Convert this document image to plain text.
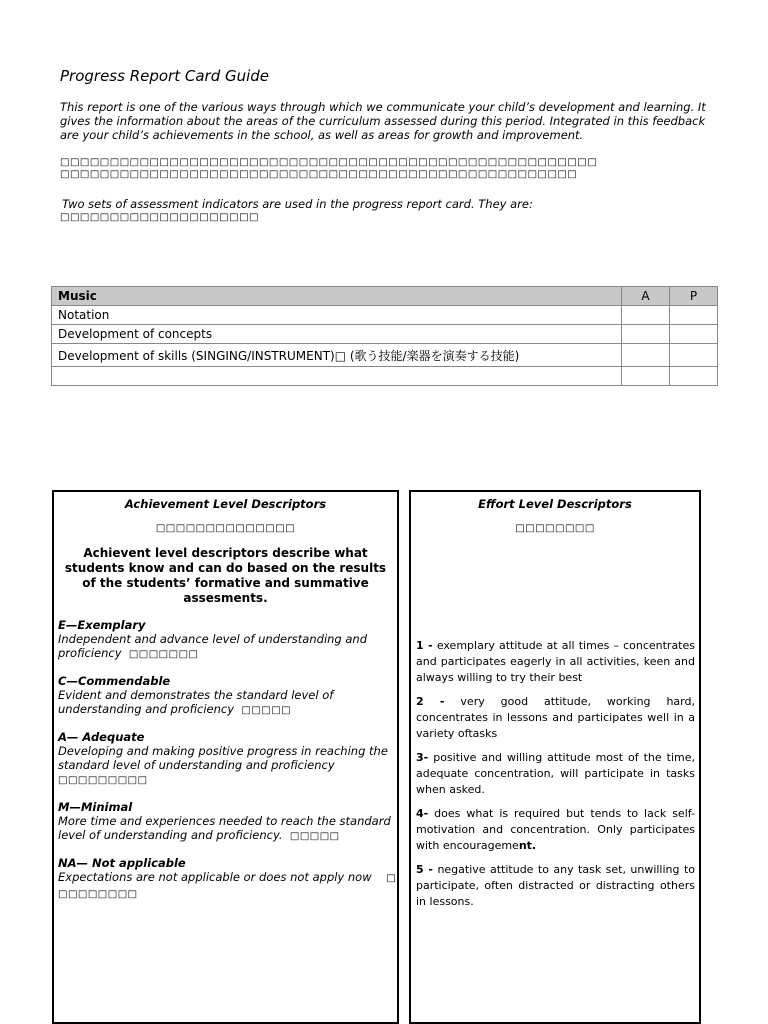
Progress Report Card Guide
This report is one of the various ways through which we communicate your child’s development and learning. It gives the information about the areas of the curriculum assessed during this period. Integrated in this feedback are your child’s achievements in the school, as well as areas for growth and improvement.
□□□□□□□□□□□□□□□□□□□□□□□□□□□□□□□□□□□□□□□□□□□□□□□□□□□□□□
□□□□□□□□□□□□□□□□□□□□□□□□□□□□□□□□□□□□□□□□□□□□□□□□□□□□
Two sets of assessment indicators are used in the progress report card. They are:
□□□□□□□□□□□□□□□□□□□□
Music	A	P
Notation		
Development of concepts		
Development of skills (SINGING/INSTRUMENT)□ (歌う技能/楽器を演奏する技能)		

Achievement Level Descriptors
□□□□□□□□□□□□□□
Achievent level descriptors describe what students know and can do based on the results of the students’ formative and summative assesments.
E—Exemplary
Independent and advance level of understanding and proficiency □□□□□□□
C—Commendable
Evident and demonstrates the standard level of understanding and proficiency □□□□□
A— Adequate
Developing and making positive progress in reaching the standard level of understanding and proficiency □□□□□□□□□
M—Minimal
More time and experiences needed to reach the standard level of understanding and proficiency. □□□□□
NA— Not applicable
Expectations are not applicable or does not apply now □ □□□□□□□□
Effort Level Descriptors
□□□□□□□□
1 - exemplary attitude at all times – concentrates and participates eagerly in all activities, keen and always willing to try their best
2 - very good attitude, working hard, concentrates in lessons and participates well in a variety oftasks
3- positive and willing attitude most of the time, adequate concentration, will participate in tasks when asked.
4- does what is required but tends to lack self-motivation and concentration. Only participates with encouragement.
5 - negative attitude to any task set, unwilling to participate, often distracted or distracting others in lessons.
